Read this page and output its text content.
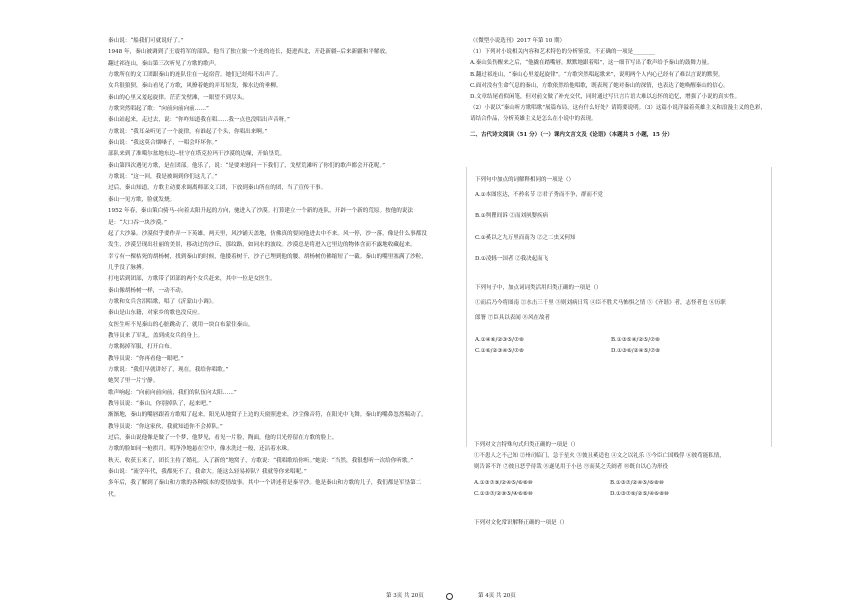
秦山说：“船我们可就说好了。”

1948 年，秦山被调到了王震将军的部队，他当了独立旅一个连的连长，挺进西北，开赴新疆--后来新疆和平解放。

翻过祁连山，秦山第三次听见了方歌的歌声。

方歌所在的文工团跟秦山的连队住在一起宿营。她们已经唱不出声了。

女兵很狼狈，秦山看见了方歌，风撩着她的弄耳短发，像水边的垂柳。

秦山的心里又羞起旋律。茫茫戈壁滩，一眼望不到尽头。

方歌突然唱起了歌：“向前向前向前……”

秦山站起来，走过去，说：“你咋知道我在唱……我一点也没唱出声音呀。”

方歌说：“我耳朵听见了一个旋律，有谁起了个头，你唱出来啊。”

秦山说：“我这莫合烟嗓子，一唱会吓坏你。”

部队来到了准噶尔盆地东边--驻守在塔克拉玛干沙漠的边缘，开始垦荒。

秦山第四次遇见方歌，是在团部。他乐了，说：“是要来慰问一下我们了，戈壁荒滩听了你们的歌声都会开花呢。”

方歌说：“这一回，我是被调到你们这儿了。”

过后，秦山知道，方歌主动要求调离师部文工团，下放到秦山所在的团，当了宣传干事。

秦山一见方歌，脸就发烧。

1952 年春，秦山策白骑马--向着太阳升起的方向，驰进入了沙漠。打算建立一个新的连队，开辟一个新的荒原。按他的说法是：“大口吞一块沙漠。”

起了大沙暴。沙漠似乎要作弄一下英雄，两天里，风沙铺天盖地，仿佛真的要同他进去中不来。风一停，沙一落，像是什么事都没发生，沙漠呈现出壮丽的美景，移动过的沙丘，那纹路，如同水的波纹。沙漠总是将进入它里边的物体含而不露地收藏起来。

幸亏有一棵枯死的胡杨树，找到秦山的时候，他搂着树干，沙子已埋到他的腰。胡杨树仿佛缩短了一截。秦山的嘴里塞满了沙粒，几乎没了脉搏。

打电话到团部，方歌带了团部的两个女兵赶来，其中一位是女医生。

秦山像胡杨树一样，一动不动。

方歌和女兵含泪唱歌，唱了《沂蒙山小调》。

秦山是山东籍，对家乡的歌也没反应。

女医生听不见秦山的心脏跳动了，就用一块白布蒙住秦山。

教导员来了军礼，盖到成女兵的身上。

方歌揭掉军服，打开白布。

教导员说：“你再看他一眼吧。”

方歌说：“我们早就讲好了，现在，我给你唱歌。”

她哭了里一片宁静。

歌声响起：“向前向前向前，我们的队伍向太阳……”

教导员说：“秦山，你别掉队了，起来吧。”

渐渐地，秦山的嘴唇跟着方歌唱了起来。阳光从地窝子上边的天窗照进来，沙尘像音符，在阳光中飞舞。秦山的嘴鼻忽然喘动了。

教导员说：“你这家伙，我就知道你不会掉队。”

过后，秦山说他像是做了一个梦，他梦见，看见一片脸，陶面，他的目光停留在方歌的脸上。

方歌的脸如同一枪拱月，明净净地悬在空中，像水洗过一般，还沾着水珠。

秋天，收获玉米了，团长主持了婚礼。入了新的“地窝子，方歌说：“我唱歌给你听。”她说：“当然，我很想听一次给你听歌。”

秦山说：“流学年代，我都死不了，我命大。能这么轻易掉队？我就等你来唱呢。”

多年后，我了解到了秦山和方歌的各种版本的爱情故事。其中一个讲述者是秦平沙。他是秦山和方歌的儿子，我们都是军垦第二代。

（《微型小说选刊》2017 年第 10 期）

（1）下列对小说相关内容和艺术特色的分析鉴赏，不正确的一项是________

A.秦山负伤醒来之后，“他撬在踏嘴唇，默默地跟着唱”，这一细节写出了歌声给予秦山的鼓舞力量。

B.翻过祁连山，“秦山心里羞起旋律”。“方歌突然唱起歌来”，说明两个人内心已经有了难以言说的默契。

C.面对没有生命气息的秦山，方歌依然给他唱歌，既表现了她对秦山的深情，也表达了她唤醒秦山的信心。

D.文章结尾看似闲笔，但对前文做了补充交代，同时通过写只言片语大难以忘怀的追忆，增强了小说的真实性。

（2）小说以“秦山听方歌唱歌”展篇布局，这有什么好处？请简要说明。（3）这篇小说洋溢着英雄主义和浪漫主义的色彩，请结合作品，分析英雄主义是怎么在小说中的表现。

二、古代诗文阅读（51 分）（一）课内文言文及《论语》（本题共 5 小题，15 分）

下列句中加点的词解释相同的一项是（）

A.①本图宦达，不矜名节 ②君子秀而不争，群而不党

B.①刿瞿间诉 ②而刘夙婴疾病

C.①奚以之九万里而南为 ②之二虫又何知

D.①凌轹一国者 ②我决起而飞

下列句子中，加点词词类活用归类正确的一项是（）

①而后乃今将图南 ②水击三千里 ③则刘病日笃 ④臣不胜犬马怖惧之情 ⑤《齐谐》者，志怪者也 ⑥历职

郎署 ⑦臣具以表闻 ⑧风在故者

A.①④⑥/②③⑤/⑦⑧	B.①③⑤④/②⑤/⑦⑧

C.①⑥/②③④⑤/⑦⑧	D.①③⑥/②④⑤/⑦⑧

下列对文言特殊句式归类正确的一项是（）

①不患人之不己知 ②州司临门，急于星火 ③彼且奚适也 ④文之以礼乐 ⑤今臣亡国贱俘 ⑥彼苟能私情，

则告诉不许 ⑦彼且恶乎待哉 ⑧遂见用于小邑 ⑨而莫之夭阏者 ⑩既自以心为形役

A.①③⑦⑨/②④⑤/⑥⑧⑩	B.①③⑦/②④⑤/⑥⑧⑩

C.①③⑦/②⑨⑤/④⑥⑧⑩	D.①③⑦⑨/②⑤/④⑥⑧⑩

下列对文化常识解释正确的一项是（）

第 3页 共 20页	第 4页 共 20页
